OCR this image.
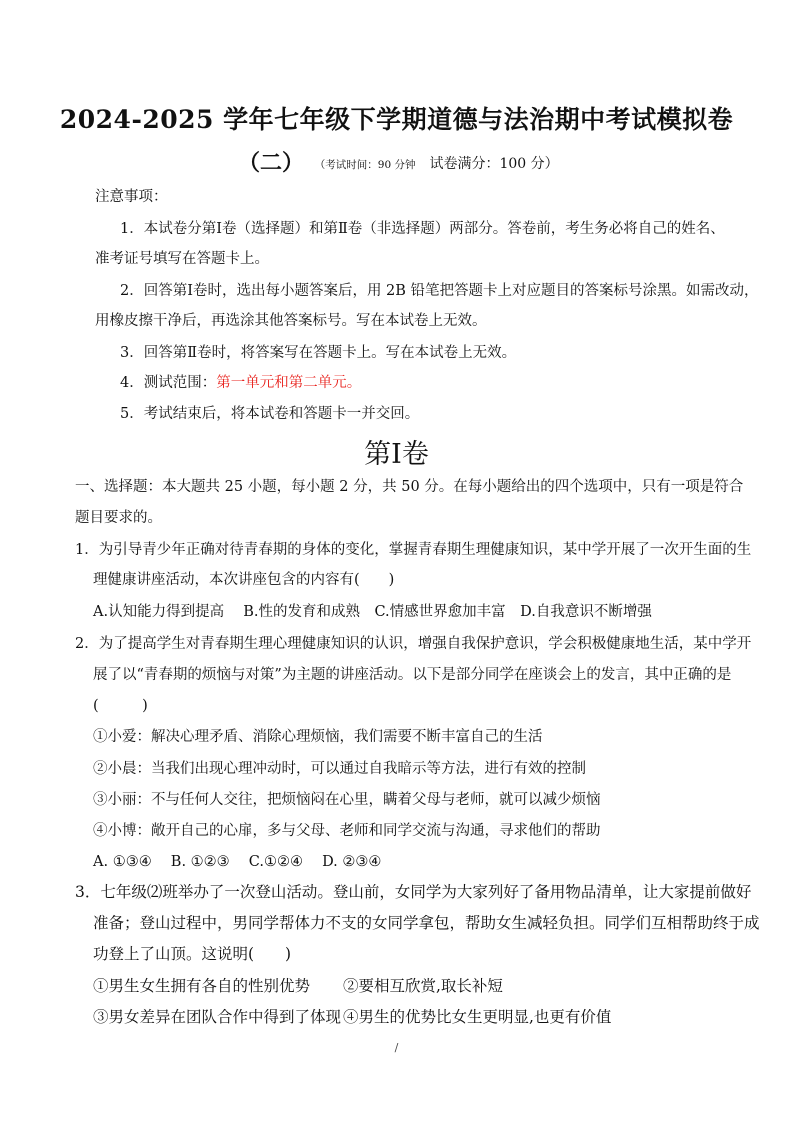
2024-2025 学年七年级下学期道德与法治期中考试模拟卷
（二） （考试时间：90 分钟 试卷满分：100 分）
注意事项：
1．本试卷分第Ⅰ卷（选择题）和第Ⅱ卷（非选择题）两部分。答卷前，考生务必将自己的姓名、
准考证号填写在答题卡上。
2．回答第Ⅰ卷时，选出每小题答案后，用 2B 铅笔把答题卡上对应题目的答案标号涂黑。如需改动，
用橡皮擦干净后，再选涂其他答案标号。写在本试卷上无效。
3．回答第Ⅱ卷时，将答案写在答题卡上。写在本试卷上无效。
4．测试范围：第一单元和第二单元。
5．考试结束后，将本试卷和答题卡一并交回。
第Ⅰ卷
一、选择题：本大题共 25 小题，每小题 2 分，共 50 分。在每小题给出的四个选项中，只有一项是符合
题目要求的。
1．为引导青少年正确对待青春期的身体的变化，掌握青春期生理健康知识，某中学开展了一次开生面的生
理健康讲座活动，本次讲座包含的内容有(　　)
A.认知能力得到提高　 B.性的发育和成熟　C.情感世界愈加丰富　D.自我意识不断增强
2．为了提高学生对青春期生理心理健康知识的认识，增强自我保护意识，学会积极健康地生活，某中学开
展了以“青春期的烦恼与对策”为主题的讲座活动。以下是部分同学在座谈会上的发言，其中正确的是
(　　　)
①小爱：解决心理矛盾、消除心理烦恼，我们需要不断丰富自己的生活
②小晨：当我们出现心理冲动时，可以通过自我暗示等方法，进行有效的控制
③小丽：不与任何人交往，把烦恼闷在心里，瞒着父母与老师，就可以减少烦恼
④小博：敞开自己的心扉，多与父母、老师和同学交流与沟通，寻求他们的帮助
A. ①③④　 B. ①②③　 C.①②④　 D. ②③④
3．七年级⑵班举办了一次登山活动。登山前，女同学为大家列好了备用物品清单，让大家提前做好
准备；登山过程中，男同学帮体力不支的女同学拿包，帮助女生减轻负担。同学们互相帮助终于成
功登上了山顶。这说明(　　)
①男生女生拥有各自的性别优势 ②要相互欣赏,取长补短
③男女差异在团队合作中得到了体现 ④男生的优势比女生更明显,也更有价值
/
